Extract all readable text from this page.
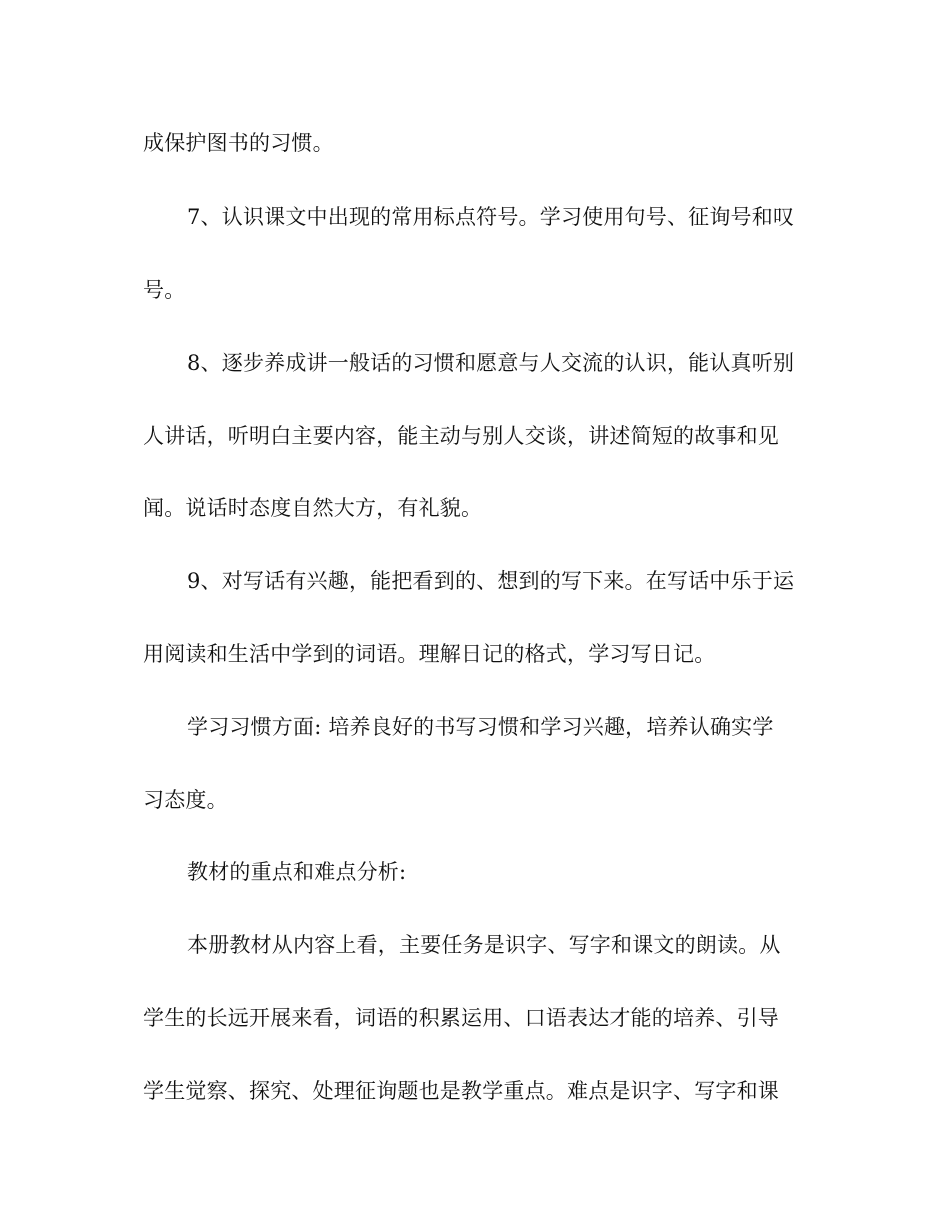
成保护图书的习惯。
7、认识课文中出现的常用标点符号。学习使用句号、征询号和叹
号。
8、逐步养成讲一般话的习惯和愿意与人交流的认识，能认真听别
人讲话，听明白主要内容，能主动与别人交谈，讲述简短的故事和见
闻。说话时态度自然大方，有礼貌。
9、对写话有兴趣，能把看到的、想到的写下来。在写话中乐于运
用阅读和生活中学到的词语。理解日记的格式，学习写日记。
学习习惯方面: 培养良好的书写习惯和学习兴趣，培养认确实学
习态度。
教材的重点和难点分析:
本册教材从内容上看，主要任务是识字、写字和课文的朗读。从
学生的长远开展来看，词语的积累运用、口语表达才能的培养、引导
学生觉察、探究、处理征询题也是教学重点。难点是识字、写字和课
